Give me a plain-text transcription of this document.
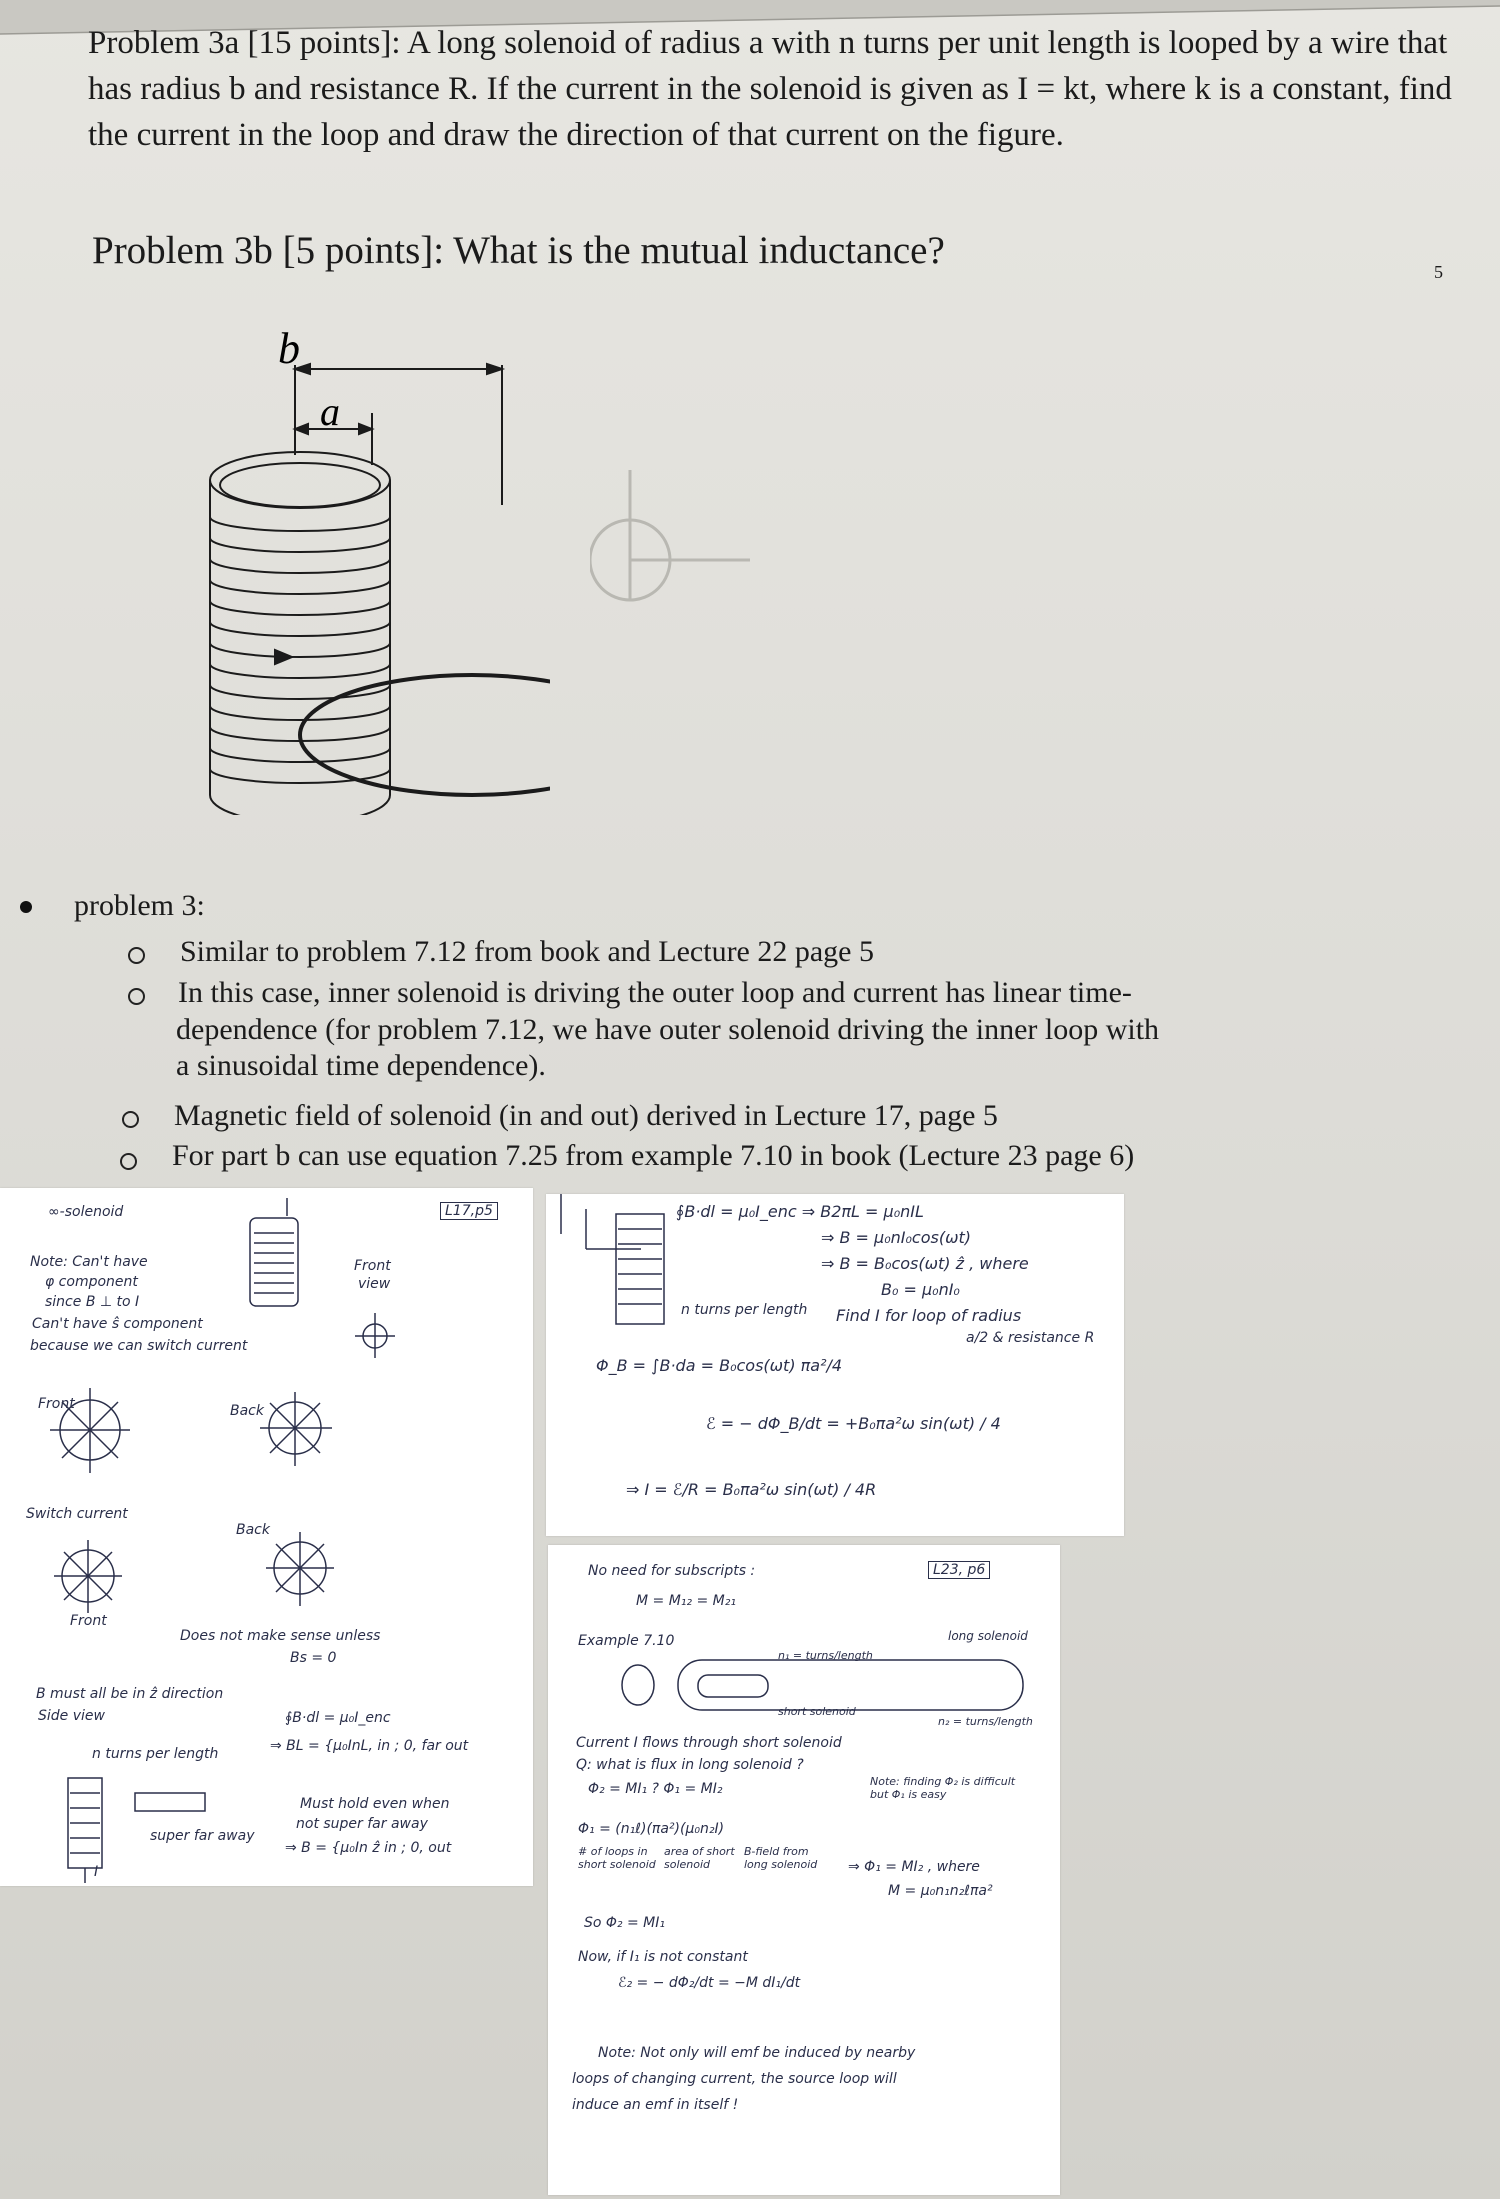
Problem 3a [15 points]: A long solenoid of radius a with n turns per unit length is looped by a wire that has radius b and resistance R. If the current in the solenoid is given as I = kt, where k is a constant, find the current in the loop and draw the direction of that current on the figure.

Problem 3b [5 points]: What is the mutual inductance?	5
b
a
problem 3:
Similar to problem 7.12 from book and Lecture 22 page 5
In this case, inner solenoid is driving the outer loop and current has linear time-
dependence (for problem 7.12, we have outer solenoid driving the inner loop with
a sinusoidal time dependence).
Magnetic field of solenoid (in and out) derived in Lecture 17, page 5
For part b can use equation 7.25 from example 7.10 in book (Lecture 23 page 6)
∞-solenoid	L17,p5
Note: Can't have
φ component
since B ⊥ to I
Can't have ŝ component
because we can switch current
Front
view
Front	Back
Switch current
Back
Front
Does not make sense unless
Bs = 0
B must all be in ẑ direction
Side view	∮B·dl = μ₀I_enc
⇒ BL = {μ₀InL, in ; 0, far out
n turns per length
Must hold even when
not super far away
⇒ B = {μ₀In ẑ in ; 0, out
super far away
I
∮B·dl = μ₀I_enc ⇒ B2πL = μ₀nIL
⇒ B = μ₀nI₀cos(ωt)
⇒ B = B₀cos(ωt) ẑ , where
B₀ = μ₀nI₀
n turns per length Find I for loop of radius
a/2 & resistance R
Φ_B = ∫B·da = B₀cos(ωt) πa²/4
ℰ = − dΦ_B/dt = +B₀πa²ω sin(ωt) / 4
⇒ I = ℰ/R = B₀πa²ω sin(ωt) / 4R
No need for subscripts :	L23, p6
M = M₁₂ = M₂₁
Example 7.10	long solenoid
n₁ = turns/length
short solenoid
n₂ = turns/length
Current I flows through short solenoid
Q: what is flux in long solenoid ?
Φ₂ = MI₁ ? Φ₁ = MI₂	Note: finding Φ₂ is difficult but Φ₁ is easy
Φ₁ = (n₁ℓ)(πa²)(μ₀n₂I)
# of loops in short solenoid
area of short solenoid
B-field from long solenoid	⇒ Φ₁ = MI₂ , where
M = μ₀n₁n₂ℓπa²
So Φ₂ = MI₁
Now, if I₁ is not constant
ℰ₂ = − dΦ₂/dt = −M dI₁/dt
Note: Not only will emf be induced by nearby
loops of changing current, the source loop will
induce an emf in itself !
